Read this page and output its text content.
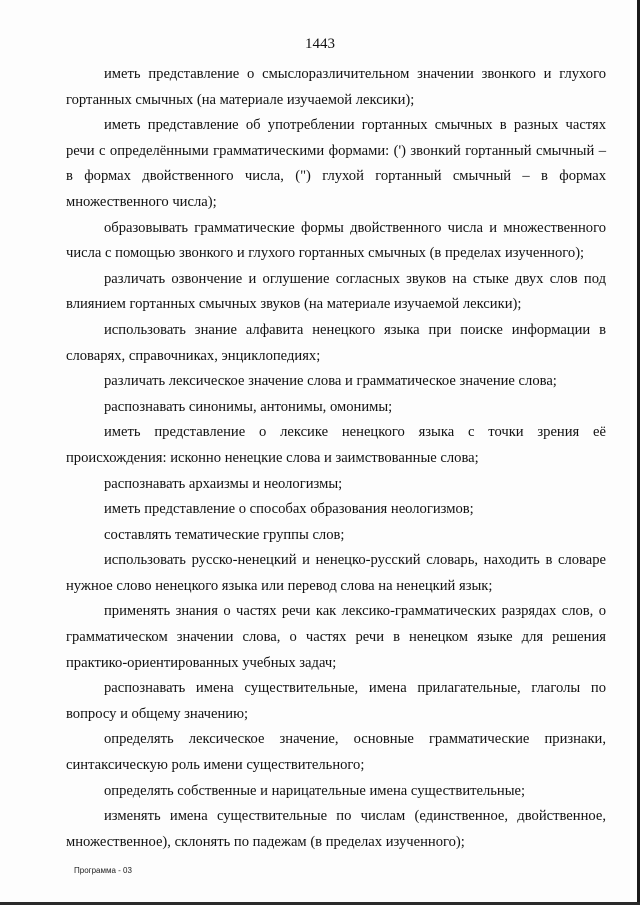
1443

иметь представление о смыслоразличительном значении звонкого и глухого гортанных смычных (на материале изучаемой лексики);

иметь представление об употреблении гортанных смычных в разных частях речи с определёнными грамматическими формами: (') звонкий гортанный смычный – в формах двойственного числа, (") глухой гортанный смычный – в формах множественного числа);

образовывать грамматические формы двойственного числа и множественного числа с помощью звонкого и глухого гортанных смычных (в пределах изученного);

различать озвончение и оглушение согласных звуков на стыке двух слов под влиянием гортанных смычных звуков (на материале изучаемой лексики);

использовать знание алфавита ненецкого языка при поиске информации в словарях, справочниках, энциклопедиях;

различать лексическое значение слова и грамматическое значение слова;

распознавать синонимы, антонимы, омонимы;

иметь представление о лексике ненецкого языка с точки зрения её происхождения: исконно ненецкие слова и заимствованные слова;

распознавать архаизмы и неологизмы;

иметь представление о способах образования неологизмов;

составлять тематические группы слов;

использовать русско-ненецкий и ненецко-русский словарь, находить в словаре нужное слово ненецкого языка или перевод слова на ненецкий язык;

применять знания о частях речи как лексико-грамматических разрядах слов, о грамматическом значении слова, о частях речи в ненецком языке для решения практико-ориентированных учебных задач;

распознавать имена существительные, имена прилагательные, глаголы по вопросу и общему значению;

определять лексическое значение, основные грамматические признаки, синтаксическую роль имени существительного;

определять собственные и нарицательные имена существительные;

изменять имена существительные по числам (единственное, двойственное, множественное), склонять по падежам (в пределах изученного);

Программа - 03
